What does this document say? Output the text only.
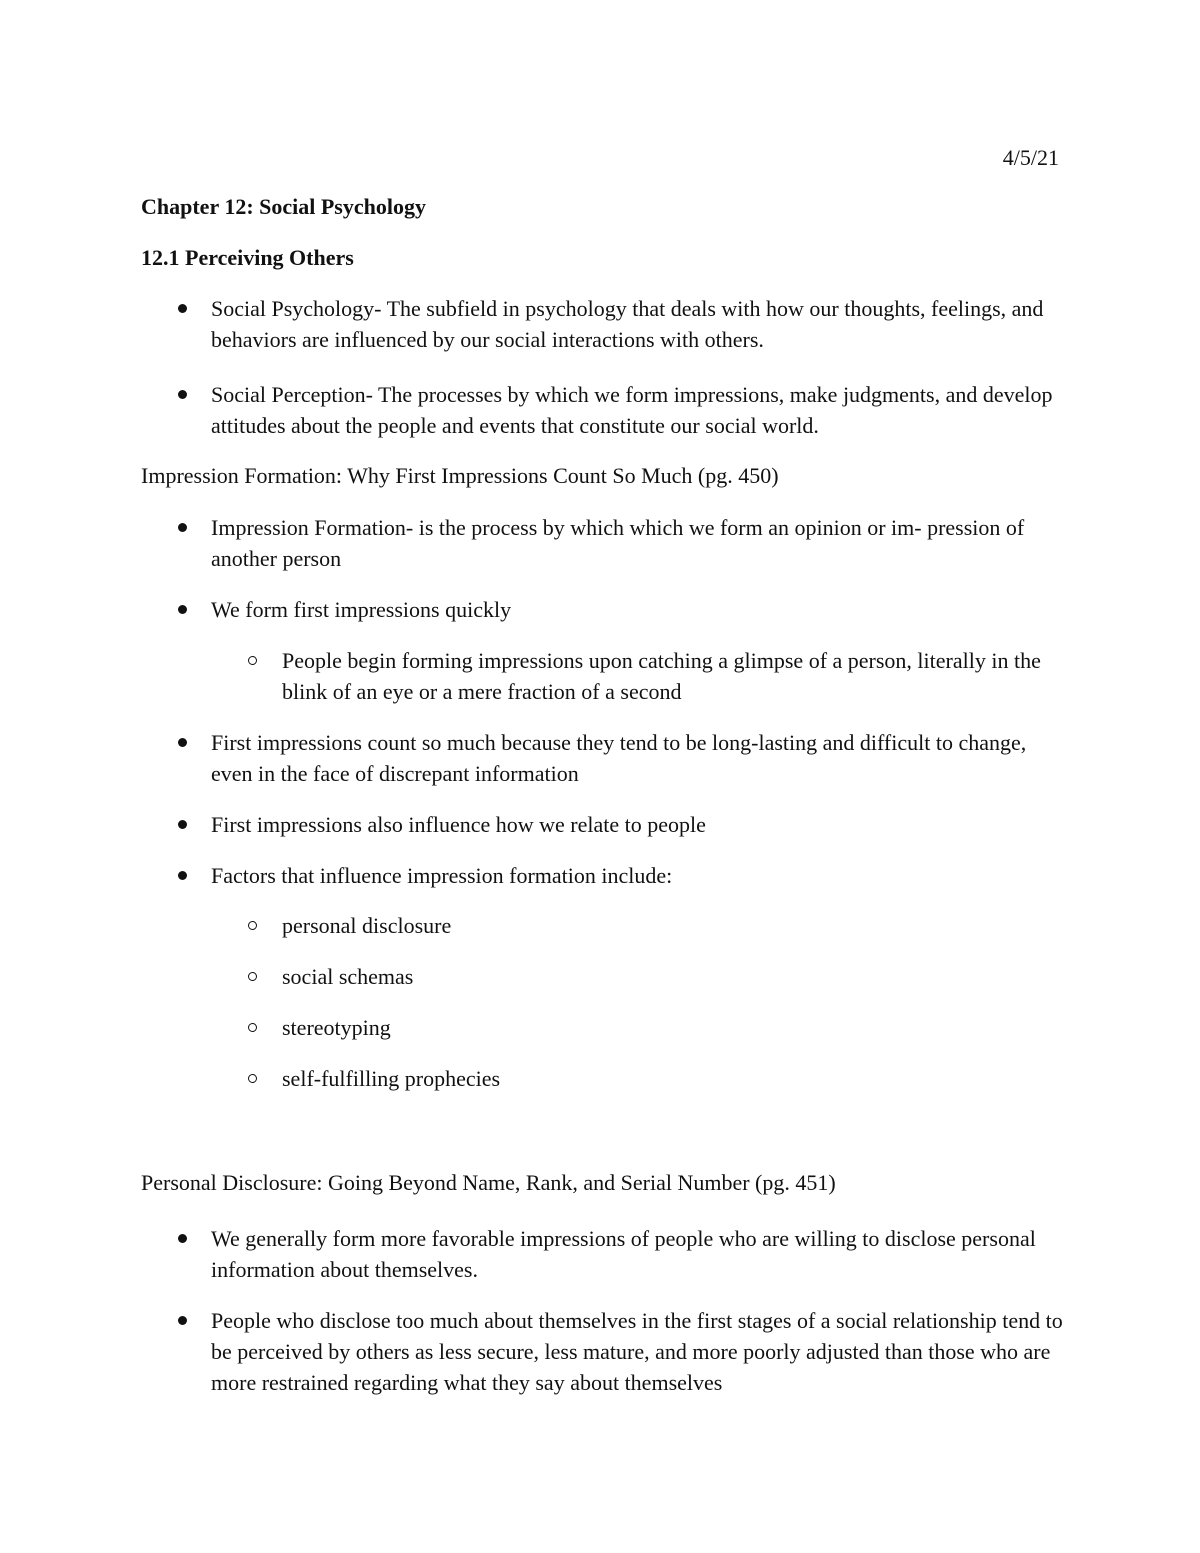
4/5/21
Chapter 12: Social Psychology
12.1 Perceiving Others
Social Psychology- The subfield in psychology that deals with how our thoughts, feelings, and behaviors are influenced by our social interactions with others.
Social Perception- The processes by which we form impressions, make judgments, and develop attitudes about the people and events that constitute our social world.
Impression Formation: Why First Impressions Count So Much (pg. 450)
Impression Formation- is the process by which which we form an opinion or im- pression of another person
We form first impressions quickly
People begin forming impressions upon catching a glimpse of a person, literally in the blink of an eye or a mere fraction of a second
First impressions count so much because they tend to be long-lasting and difficult to change, even in the face of discrepant information
First impressions also influence how we relate to people
Factors that influence impression formation include:
personal disclosure
social schemas
stereotyping
self-fulfilling prophecies
Personal Disclosure: Going Beyond Name, Rank, and Serial Number (pg. 451)
We generally form more favorable impressions of people who are willing to disclose personal information about themselves.
People who disclose too much about themselves in the first stages of a social relationship tend to be perceived by others as less secure, less mature, and more poorly adjusted than those who are more restrained regarding what they say about themselves
